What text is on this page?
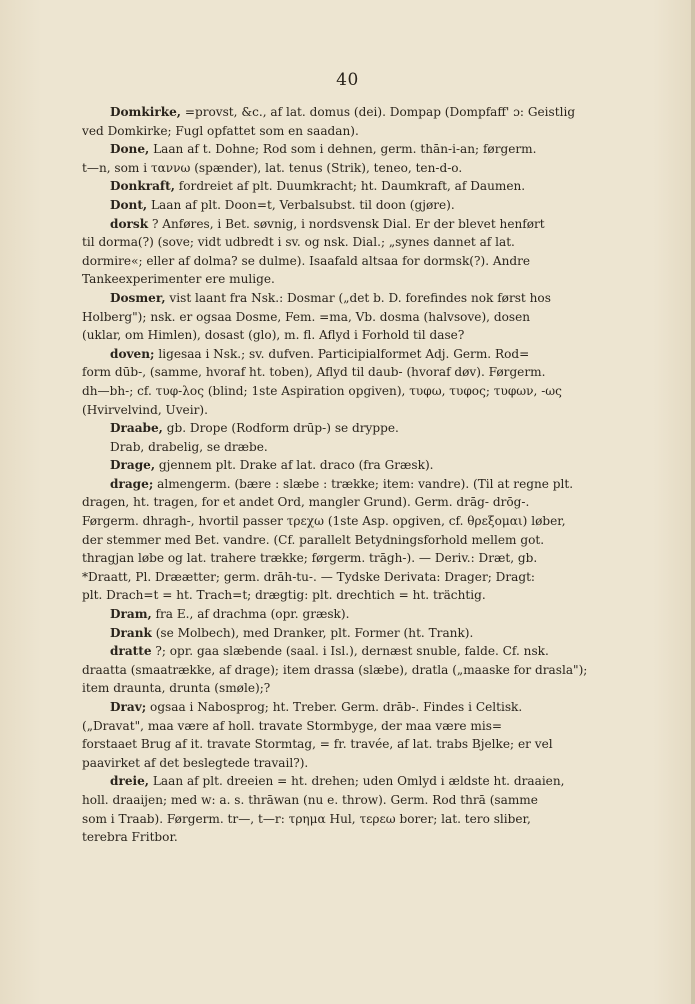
40
Domkirke, =provst, &c., af lat. domus (dei). Dompap (Dompfaff' ɔ: Geistlig
ved Domkirke; Fugl opfattet som en saadan).
Done, Laan af t. Dohne; Rod som i dehnen, germ. thān-i-an; førgerm.
t—n, som i ταννω (spænder), lat. tenus (Strik), teneo, ten-d-o.
Donkraft, fordreiet af plt. Duumkracht; ht. Daumkraft, af Daumen.
Dont, Laan af plt. Doon=t, Verbalsubst. til doon (gjøre).
dorsk ? Anføres, i Bet. søvnig, i nordsvensk Dial. Er der blevet henført
til dorma(?) (sove; vidt udbredt i sv. og nsk. Dial.; „synes dannet af lat.
dormire«; eller af dolma? se dulme). Isaafald altsaa for dormsk(?). Andre
Tankeexperimenter ere mulige.
Dosmer, vist laant fra Nsk.: Dosmar („det b. D. forefindes nok først hos
Holberg"); nsk. er ogsaa Dosme, Fem. =ma, Vb. dosma (halvsove), dosen
(uklar, om Himlen), dosast (glo), m. fl. Aflyd i Forhold til dase?
doven; ligesaa i Nsk.; sv. dufven. Participialformet Adj. Germ. Rod=
form dūb-, (samme, hvoraf ht. toben), Aflyd til daub- (hvoraf døv). Førgerm.
dh—bh-; cf. τυφ-λος (blind; 1ste Aspiration opgiven), τυφω, τυφος; τυφων, -ως
(Hvirvelvind, Uveir).
Draabe, gb. Drope (Rodform drūp-) se dryppe.
Drab, drabelig, se dræbe.
Drage, gjennem plt. Drake af lat. draco (fra Græsk).
drage; almengerm. (bære : slæbe : trække; item: vandre). (Til at regne plt.
dragen, ht. tragen, for et andet Ord, mangler Grund). Germ. drāg- drōg-.
Førgerm. dhragh-, hvortil passer τρεχω (1ste Asp. opgiven, cf. θρεξομαι) løber,
der stemmer med Bet. vandre. (Cf. parallelt Betydningsforhold mellem got.
thragjan løbe og lat. trahere trække; førgerm. trāgh-). — Deriv.: Dræt, gb.
*Draatt, Pl. Dræætter; germ. drāh-tu-. — Tydske Derivata: Drager; Dragt:
plt. Drach=t = ht. Trach=t; drægtig: plt. drechtich = ht. trächtig.
Dram, fra E., af drachma (opr. græsk).
Drank (se Molbech), med Dranker, plt. Former (ht. Trank).
dratte ?; opr. gaa slæbende (saal. i Isl.), dernæst snuble, falde. Cf. nsk.
draatta (smaatrække, af drage); item drassa (slæbe), dratla („maaske for drasla");
item draunta, drunta (smøle);?
Drav; ogsaa i Nabosprog; ht. Treber. Germ. drāb-. Findes i Celtisk.
(„Dravat", maa være af holl. travate Stormbyge, der maa være mis=
forstaaet Brug af it. travate Stormtag, = fr. travée, af lat. trabs Bjelke; er vel
paavirket af det beslegtede travail?).
dreie, Laan af plt. dreeien = ht. drehen; uden Omlyd i ældste ht. draaien,
holl. draaijen; med w: a. s. thrāwan (nu e. throw). Germ. Rod thrā (samme
som i Traab). Førgerm. tr—, t—r: τρημα Hul, τερεω borer; lat. tero sliber,
terebra Fritbor.
